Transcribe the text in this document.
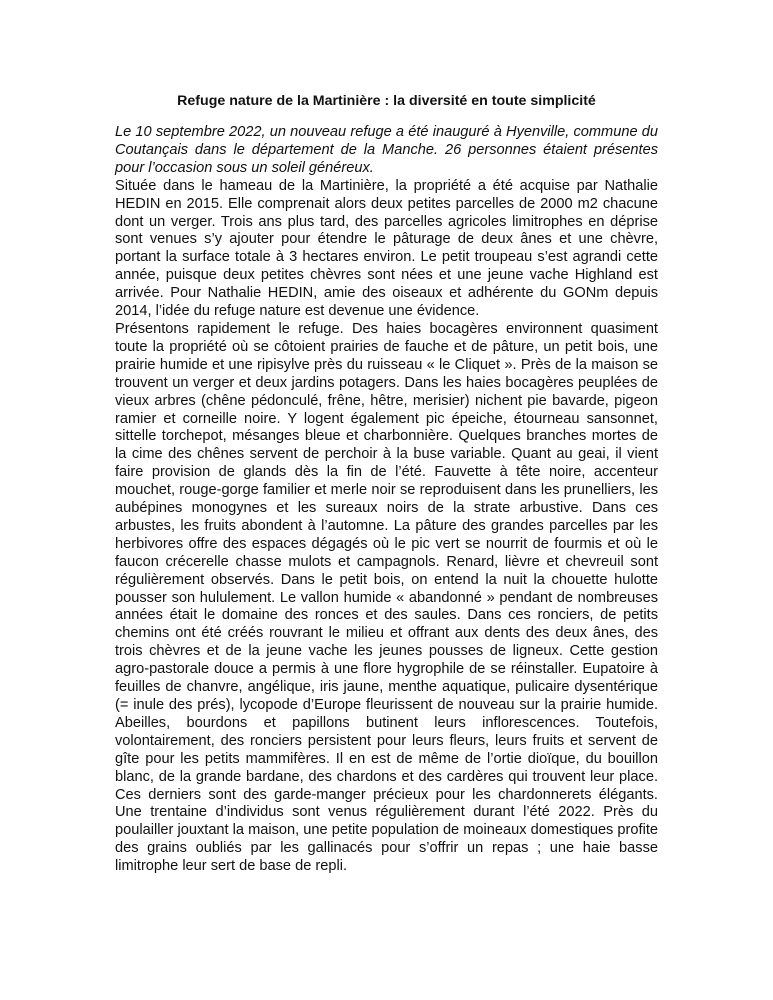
Refuge nature de la Martinière : la diversité en toute simplicité

Le 10 septembre 2022, un nouveau refuge a été inauguré à Hyenville, commune du Coutançais dans le département de la Manche. 26 personnes étaient présentes pour l’occasion sous un soleil généreux.

Située dans le hameau de la Martinière, la propriété a été acquise par Nathalie HEDIN en 2015. Elle comprenait alors deux petites parcelles de 2000 m2 chacune dont un verger. Trois ans plus tard, des parcelles agricoles limitrophes en déprise sont venues s’y ajouter pour étendre le pâturage de deux ânes et une chèvre, portant la surface totale à 3 hectares environ. Le petit troupeau s’est agrandi cette année, puisque deux petites chèvres sont nées et une jeune vache Highland est arrivée. Pour Nathalie HEDIN, amie des oiseaux et adhérente du GONm depuis 2014, l’idée du refuge nature est devenue une évidence.

Présentons rapidement le refuge. Des haies bocagères environnent quasiment toute la propriété où se côtoient prairies de fauche et de pâture, un petit bois, une prairie humide et une ripisylve près du ruisseau « le Cliquet ». Près de la maison se trouvent un verger et deux jardins potagers. Dans les haies bocagères peuplées de vieux arbres (chêne pédonculé, frêne, hêtre, merisier) nichent pie bavarde, pigeon ramier et corneille noire. Y logent également pic épeiche, étourneau sansonnet, sittelle torchepot, mésanges bleue et charbonnière. Quelques branches mortes de la cime des chênes servent de perchoir à la buse variable. Quant au geai, il vient faire provision de glands dès la fin de l’été. Fauvette à tête noire, accenteur mouchet, rouge-gorge familier et merle noir se reproduisent dans les prunelliers, les aubépines monogynes et les sureaux noirs de la strate arbustive. Dans ces arbustes, les fruits abondent à l’automne. La pâture des grandes parcelles par les herbivores offre des espaces dégagés où le pic vert se nourrit de fourmis et où le faucon crécerelle chasse mulots et campagnols. Renard, lièvre et chevreuil sont régulièrement observés. Dans le petit bois, on entend la nuit la chouette hulotte pousser son hululement. Le vallon humide « abandonné » pendant de nombreuses années était le domaine des ronces et des saules. Dans ces ronciers, de petits chemins ont été créés rouvrant le milieu et offrant aux dents des deux ânes, des trois chèvres et de la jeune vache les jeunes pousses de ligneux. Cette gestion agro-pastorale douce a permis à une flore hygrophile de se réinstaller. Eupatoire à feuilles de chanvre, angélique, iris jaune, menthe aquatique, pulicaire dysentérique (= inule des prés), lycopode d’Europe fleurissent de nouveau sur la prairie humide. Abeilles, bourdons et papillons butinent leurs inflorescences. Toutefois, volontairement, des ronciers persistent pour leurs fleurs, leurs fruits et servent de gîte pour les petits mammifères. Il en est de même de l’ortie dioïque, du bouillon blanc, de la grande bardane, des chardons et des cardères qui trouvent leur place. Ces derniers sont des garde-manger précieux pour les chardonnerets élégants. Une trentaine d’individus sont venus régulièrement durant l’été 2022. Près du poulailler jouxtant la maison, une petite population de moineaux domestiques profite des grains oubliés par les gallinacés pour s’offrir un repas ; une haie basse limitrophe leur sert de base de repli.
